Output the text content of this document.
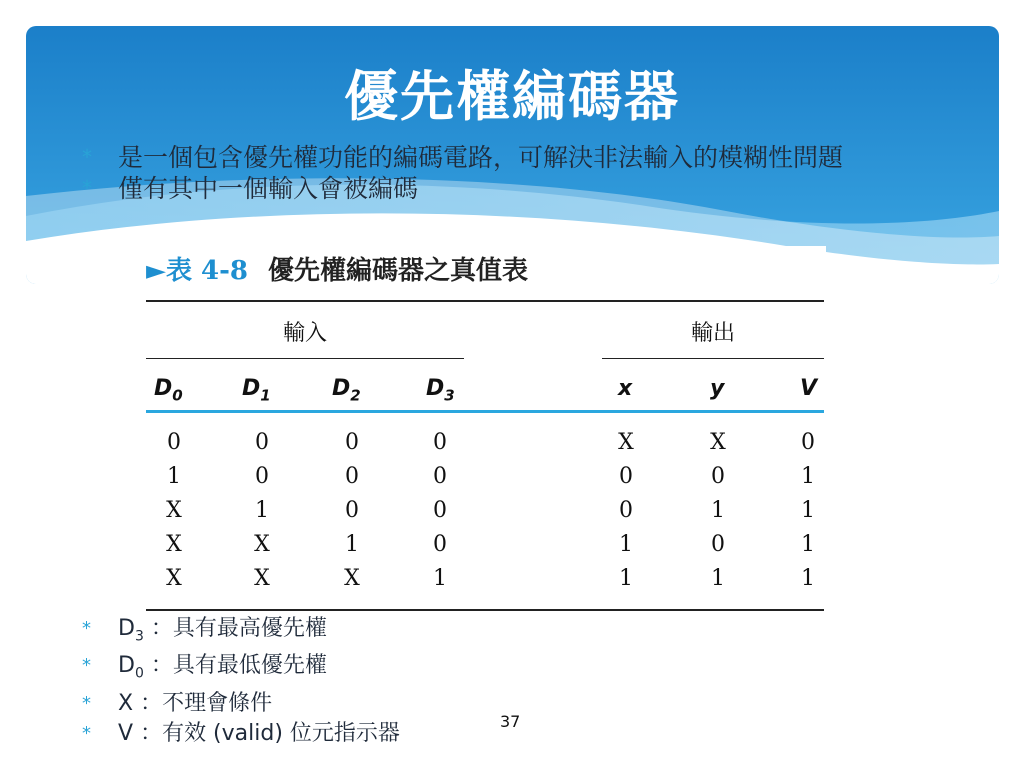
優先權編碼器
*	是一個包含優先權功能的編碼電路，可解決非法輸入的模糊性問題
*	僅有其中一個輸入會被編碼
►表 4-8 優先權編碼器之真值表
輸入	輸出
$D_0$	$D_1$	$D_2$	$D_3$	x	y	V
0	0	0	0	X	X	0
1	0	0	0	0	0	1
X	1	0	0	0	1	1
X	X	1	0	1	0	1
X	X	X	1	1	1	1
*	$D_3$ ：具有最高優先權
*	$D_0$ ：具有最低優先權
*	X ：不理會條件
*	V ：有效 (valid) 位元指示器	37
